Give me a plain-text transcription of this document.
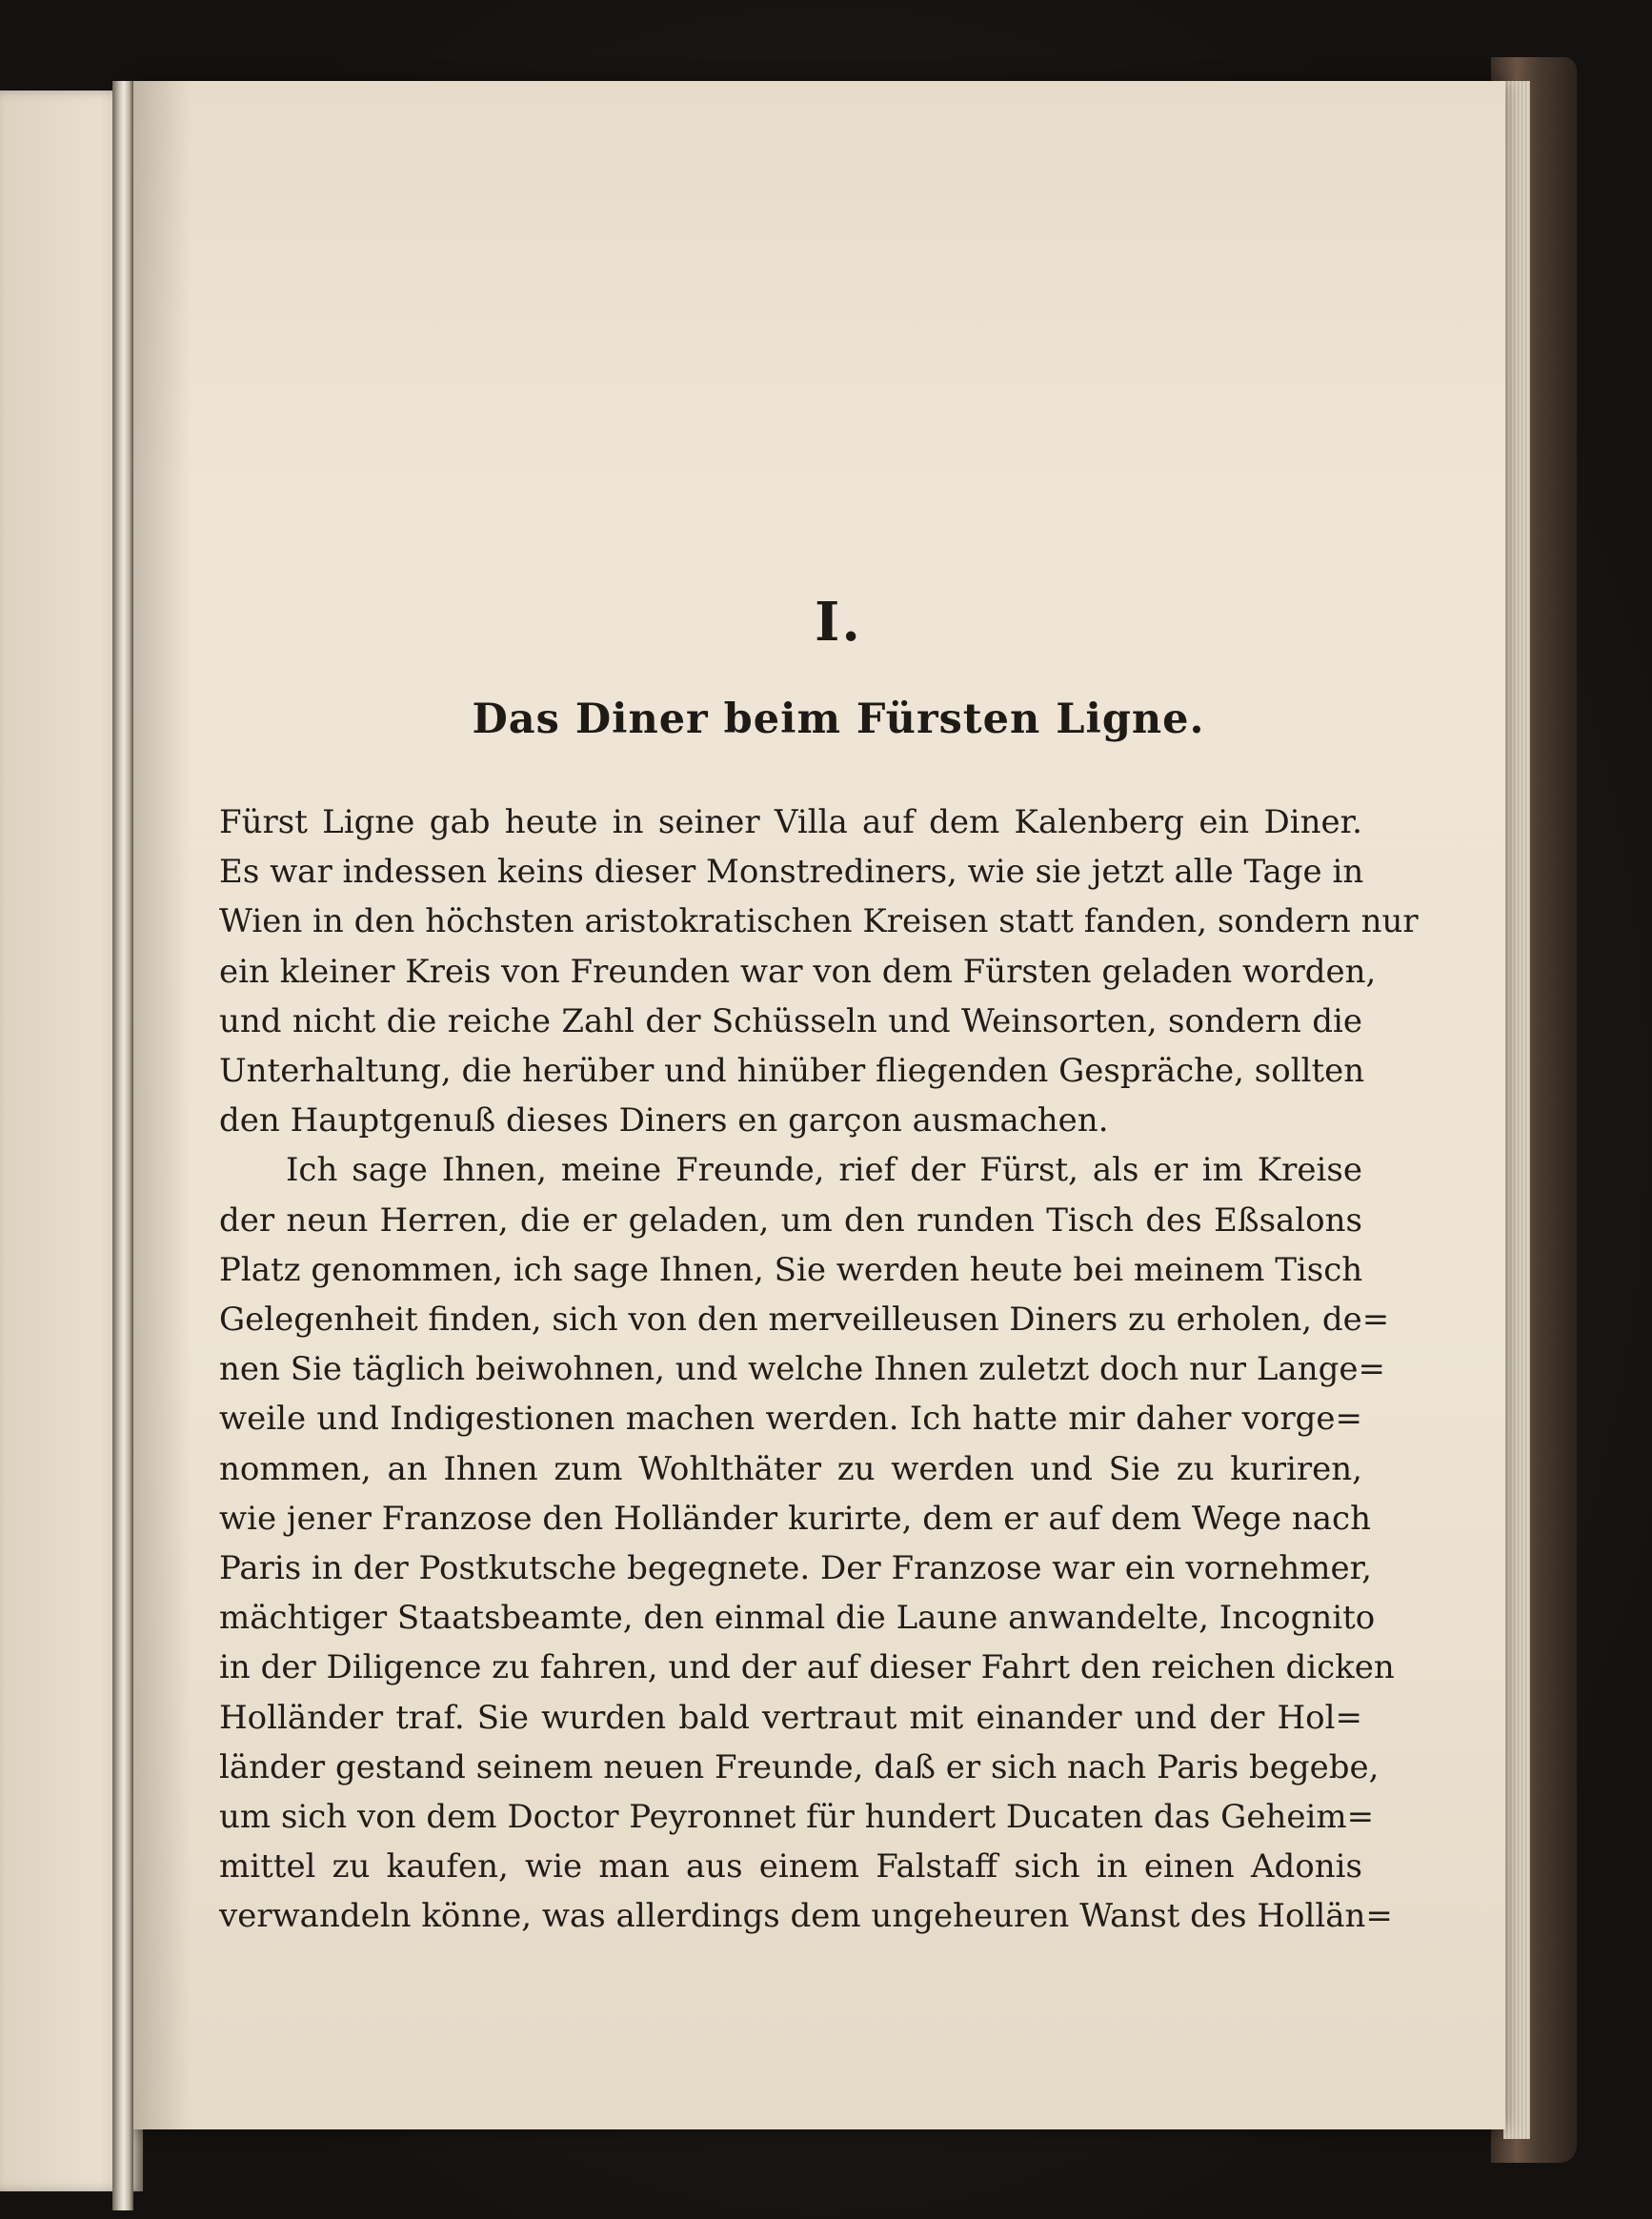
I.
Das Diner beim Fürsten Ligne.

Fürst Ligne gab heute in seiner Villa auf dem Kalenberg ein Diner.
Es war indessen keins dieser Monstrediners, wie sie jetzt alle Tage in
Wien in den höchsten aristokratischen Kreisen statt fanden, sondern nur
ein kleiner Kreis von Freunden war von dem Fürsten geladen worden,
und nicht die reiche Zahl der Schüsseln und Weinsorten, sondern die
Unterhaltung, die herüber und hinüber fliegenden Gespräche, sollten
den Hauptgenuß dieses Diners en garçon ausmachen.

Ich sage Ihnen, meine Freunde, rief der Fürst, als er im Kreise
der neun Herren, die er geladen, um den runden Tisch des Eßsalons
Platz genommen, ich sage Ihnen, Sie werden heute bei meinem Tisch
Gelegenheit finden, sich von den merveilleusen Diners zu erholen, de=
nen Sie täglich beiwohnen, und welche Ihnen zuletzt doch nur Lange=
weile und Indigestionen machen werden. Ich hatte mir daher vorge=
nommen, an Ihnen zum Wohlthäter zu werden und Sie zu kuriren,
wie jener Franzose den Holländer kurirte, dem er auf dem Wege nach
Paris in der Postkutsche begegnete. Der Franzose war ein vornehmer,
mächtiger Staatsbeamte, den einmal die Laune anwandelte, Incognito
in der Diligence zu fahren, und der auf dieser Fahrt den reichen dicken
Holländer traf. Sie wurden bald vertraut mit einander und der Hol=
länder gestand seinem neuen Freunde, daß er sich nach Paris begebe,
um sich von dem Doctor Peyronnet für hundert Ducaten das Geheim=
mittel zu kaufen, wie man aus einem Falstaff sich in einen Adonis
verwandeln könne, was allerdings dem ungeheuren Wanst des Hollän=
